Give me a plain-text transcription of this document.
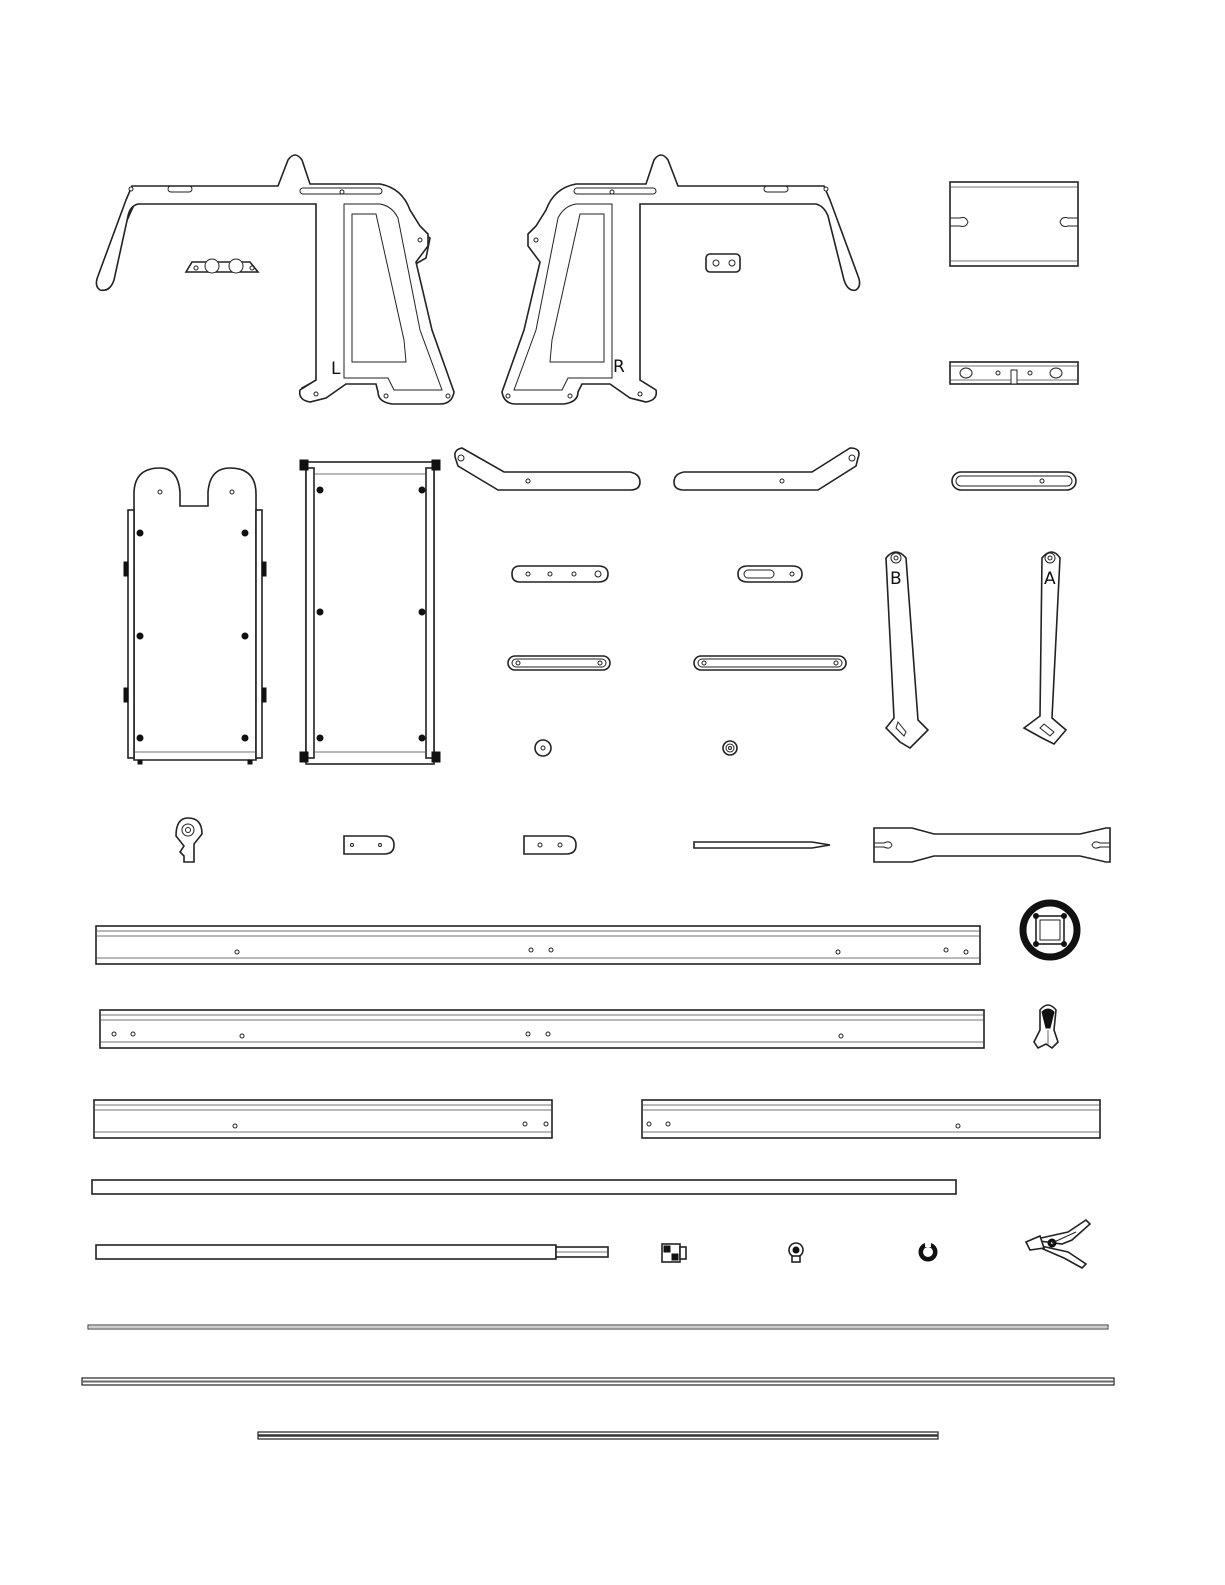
L	R
B	A
